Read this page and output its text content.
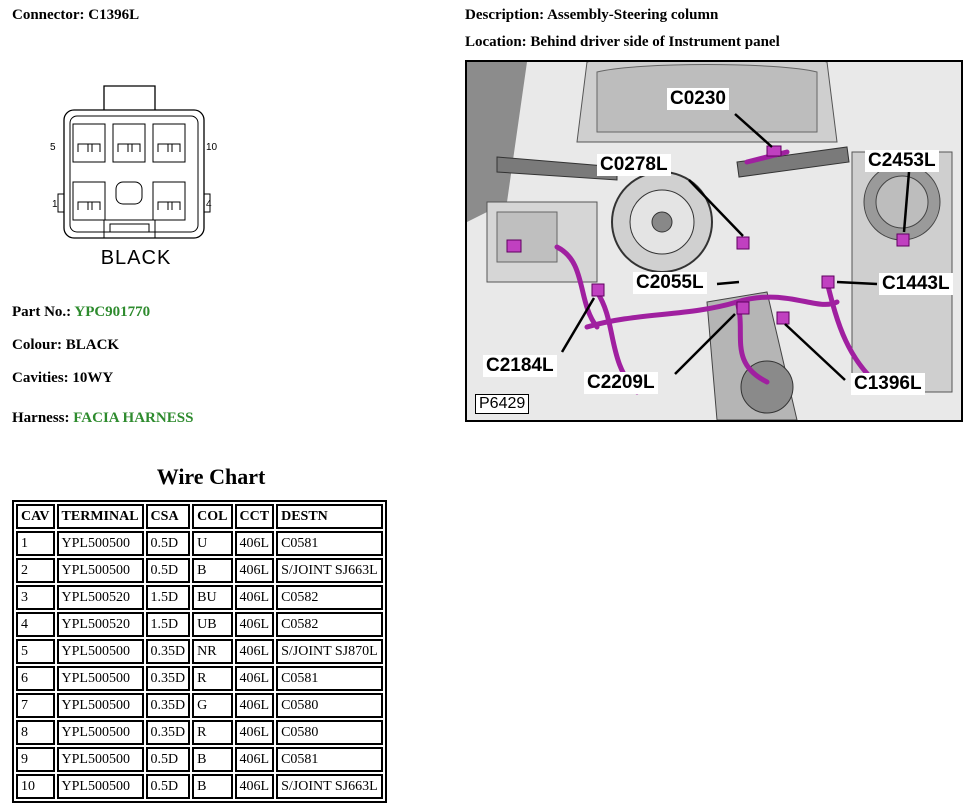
Connector: C1396L
5	10
1	4
BLACK
Part No.: YPC901770
Colour: BLACK
Cavities: 10WY
Harness: FACIA HARNESS
Description: Assembly-Steering column
Location: Behind driver side of Instrument panel
C0230
C0278L	C2453L
C2055L	C1443L
C2184L
C2209L	C1396L
P6429
Wire Chart
CAV	TERMINAL	CSA	COL	CCT	DESTN
1	YPL500500	0.5D	U	406L	C0581
2	YPL500500	0.5D	B	406L	S/JOINT SJ663L
3	YPL500520	1.5D	BU	406L	C0582
4	YPL500520	1.5D	UB	406L	C0582
5	YPL500500	0.35D	NR	406L	S/JOINT SJ870L
6	YPL500500	0.35D	R	406L	C0581
7	YPL500500	0.35D	G	406L	C0580
8	YPL500500	0.35D	R	406L	C0580
9	YPL500500	0.5D	B	406L	C0581
10	YPL500500	0.5D	B	406L	S/JOINT SJ663L
